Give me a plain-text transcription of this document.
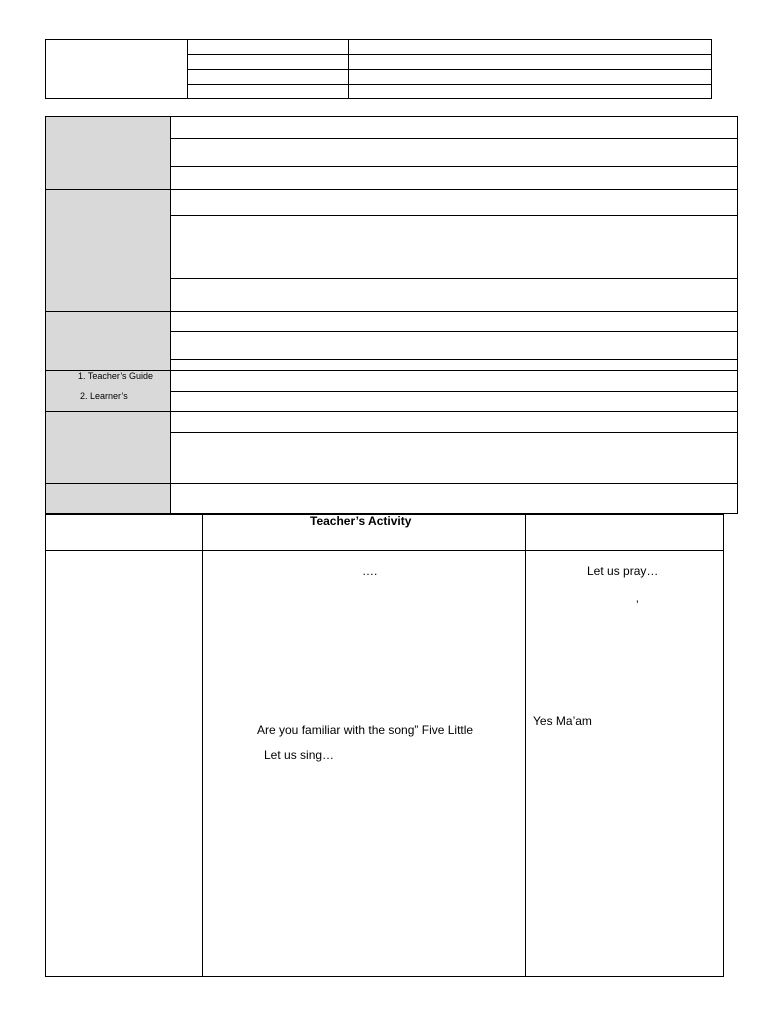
1. Teacher’s Guide
2. Learner’s
Teacher’s Activity
….
Are you familiar with the song” Five Little
Let us sing…
Let us pray…
’
Yes Ma’am
